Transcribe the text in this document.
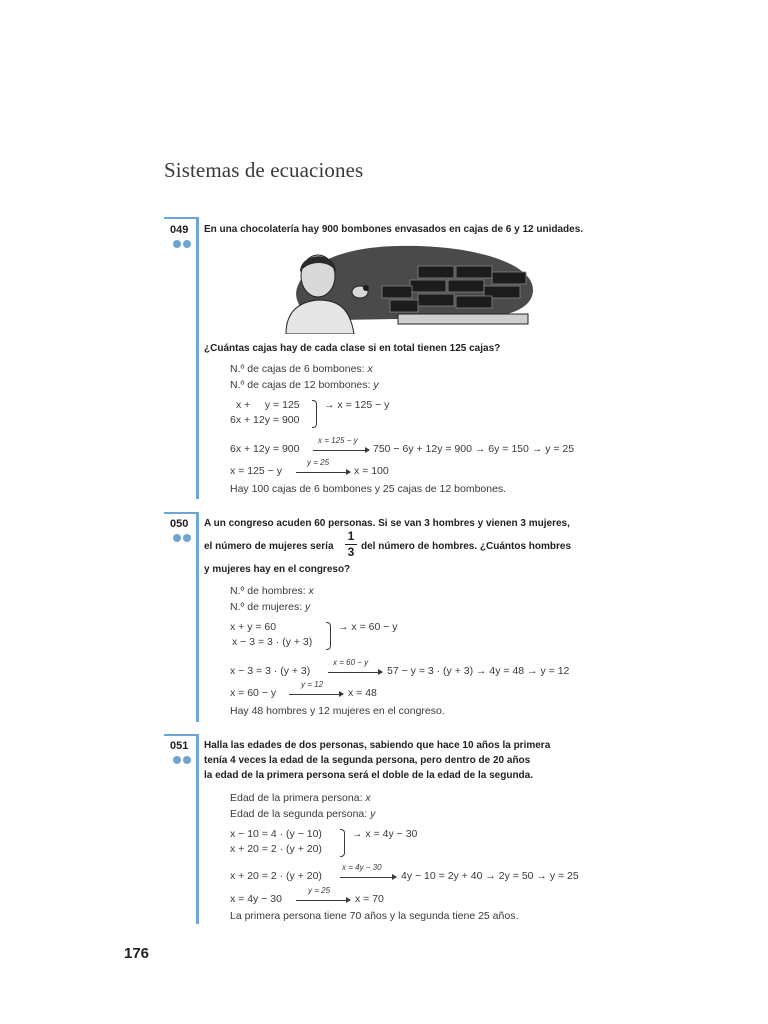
Sistemas de ecuaciones
049 En una chocolatería hay 900 bombones envasados en cajas de 6 y 12 unidades.
¿Cuántas cajas hay de cada clase si en total tienen 125 cajas?
N.º de cajas de 6 bombones: x
N.º de cajas de 12 bombones: y
x +     y = 125
6x + 12y = 900
→ x = 125 − y
6x + 12y = 900
x = 125 − y
750 − 6y + 12y = 900 → 6y = 150 → y = 25
x = 125 − y
y = 25
x = 100
Hay 100 cajas de 6 bombones y 25 cajas de 12 bombones.
050 A un congreso acuden 60 personas. Si se van 3 hombres y vienen 3 mujeres,
el número de mujeres sería
1
3 del número de hombres. ¿Cuántos hombres
y mujeres hay en el congreso?
N.º de hombres: x
N.º de mujeres: y
x + y = 60
x − 3 = 3 · (y + 3)
→ x = 60 − y
x − 3 = 3 · (y + 3)
x = 60 − y
57 − y = 3 · (y + 3) → 4y = 48 → y = 12
x = 60 − y
y = 12
x = 48
Hay 48 hombres y 12 mujeres en el congreso.
051 Halla las edades de dos personas, sabiendo que hace 10 años la primera
tenía 4 veces la edad de la segunda persona, pero dentro de 20 años
la edad de la primera persona será el doble de la edad de la segunda.
Edad de la primera persona: x
Edad de la segunda persona: y
x − 10 = 4 · (y − 10)
x + 20 = 2 · (y + 20)
→ x = 4y − 30
x + 20 = 2 · (y + 20)
x = 4y − 30
4y − 10 = 2y + 40 → 2y = 50 → y = 25
x = 4y − 30
y = 25
x = 70
La primera persona tiene 70 años y la segunda tiene 25 años.
176
